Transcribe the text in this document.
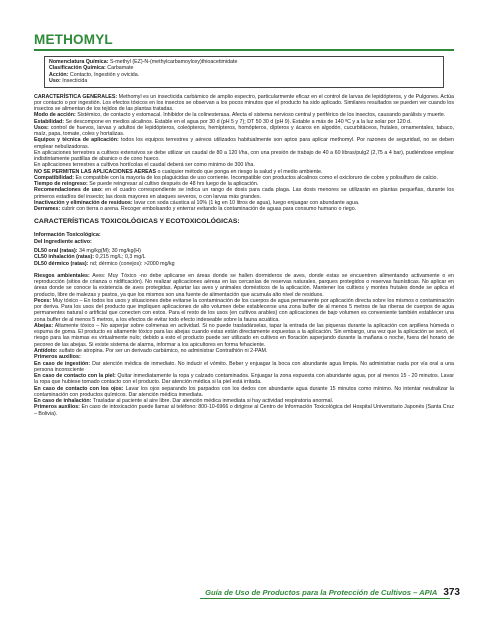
METHOMYL
Nomenclatura Química: S-methyl (EZ)-N-(methylcarbamoyloxy)thioacetimidate
Clasificación Química: Carbamate
Acción: Contacto, Ingestión y ovicida.
Uso: Insecticida

CARACTERÍSTICA GENERALES: Methomyl es un insecticida carbámico de amplio espectro, particularmente eficaz en el control de larvas de lepidópteros, y de Pulgones. Actúa por contacto o por ingestión. Los efectos tóxicos en los insectos se observan a los pocos minutos que el producto ha sido aplicado. Similares resultados se pueden ver cuando los insectos se alimentan de los tejidos de las plantas tratadas.

Modo de acción: Sistémico, de contacto y estomacal. Inhibidor de la colinesterasa. Afecta el sistema nervioso central y periférico de los insectos, causando parálisis y muerte.

Estabilidad: Se descompone en medios alcalinos. Estable en el agua por 30 d (pH 5 y 7); DT 50 30 d (pH 9). Estable a más de 140 ºC y a la luz solar por 120 d.

Usos: control de huevos, larvas y adultos de lepidópteros, coleópteros, hemípteros, homópteros, dípteros y ácaros en algodón, cucurbitáceos, frutales, ornamentales, tabaco, maíz, papa, tomate, coles y hortalizas.

Equipos y técnica de aplicación: todos los equipos terrestres y aéreos utilizados habitualmente son aptos para aplicar methomyl. Por razones de seguridad, no se deben emplear nebulizadoras.

En aplicaciones terrestres a cultivos extensivos se debe utilizar un caudal de 80 a 120 l/ha, con una presión de trabajo de 40 a 60 libras/pulg2 (2,75 a 4 bar), pudiéndose emplear indistintamente pastillas de abanico o de cono hueco.

En aplicaciones terrestres a cultivos hortícolas el caudal deberá ser como mínimo de 300 l/ha.

NO SE PERMITEN LAS APLICACIONES AEREAS o cualquier método que ponga en riesgo la salud y el medio ambiente.

Compatibilidad: Es compatible con la mayoría de los plaguicidas de uso corriente. Incompatible con productos alcalinos como el oxicloruro de cobre y polisulfuro de calcio.

Tiempo de reingreso: Se puede reingresar al cultivo después de 48 hrs luego de la aplicación.

Recomendaciones de uso: en el cuadro correspondiente se indica un rango de dosis para cada plaga. Las dosis menores se utilizarán en plantas pequeñas, durante los primeros estadíos del insecto; las dosis mayores en ataques severos, o con larvas más grandes.

Inactivación y eliminación de residuos: lavar con soda cáustica al 10% (1 kg en 10 litros de agua), luego enjuagar con abundante agua.

Derrames: cubrir con tierra o arena. Recoger embolsando y enterrar evitando la contaminación de aguas para consumo humano o riego.

CARACTERÍSTICAS TOXICOLÓGICAS Y ECOTOXICOLÓGICAS:

Información Toxicológica:

Del Ingrediente activo:

DL50 oral (ratas): 34 mg/kg(M); 30 mg/kg(H)

CL50 inhalación (ratas): 0,215 mg/L; 0,3 mg/L

DL50 dérmico (ratas): nd; dérmico (conejos): >2000 mg/kg

Riesgos ambientales: Aves: Muy Tóxico -no debe aplicarse en áreas donde se hallen dormideros de aves, donde estas se encuentren alimentando activamente o en reproducción (sitios de crianza o nidificación). No realizar aplicaciones aéreas en las cercanías de reservas naturales, parques protegidos o reservas faunísticas. No aplicar en áreas donde se conoce la existencia de aves protegidas. Apartar las aves y animales domésticos de la aplicación. Mantener los cultivos y montes frutales donde se aplica el producto, libre de malezas y pastos, ya que los mismos son una fuente de alimentación que acumula alto nivel de residuos.

Peces: Muy tóxico – En todos los usos y situaciones debe evitarse la contaminación de los cuerpos de agua permanente por aplicación directa sobre los mismos o contaminación por deriva. Para los usos del producto que impliquen aplicaciones de alto volumen debe establecerse una zona buffer de al menos 5 metros de las riberas de cuerpos de agua permanentes natural o artificial que conecten con estos. Para el resto de los usos (en cultivos arables) con aplicaciones de bajo volumen es conveniente también establecer una zona buffer de al menos 5 metros, a los efectos de evitar todo efecto indeseable sobre la fauna acuática.

Abejas: Altamente tóxico – No asperjar sobre colmenas en actividad. Si no puede trasladárselas, tapar la entrada de las piqueras durante la aplicación con arpillera húmeda o espuma de goma. El producto es altamente tóxico para las abejas cuando estas están directamente expuestas a la aplicación. Sin embargo, una vez que la aplicación se secó, el riesgo para las mismas es virtualmente nulo; debido a esto el producto puede ser utilizado en cultivos en floración asperjando durante la mañana o noche, fuera del horario de pecoreo de las abejas. Si existe sistema de alarma, informar a los apicultores en forma fehaciente.

Antídoto: sulfato de atropina. Por ser un derivado carbámico, no administrar Contrathión ni 2-PAM.

Primeros auxilios:

En caso de ingestión: Dar atención médica de inmediato. No inducir el vómito. Beber y enjuagar la boca con abundante agua limpia. No administrar nada por vía oral a una persona inconsciente

En caso de contacto con la piel: Quitar inmediatamente la ropa y calzado contaminados. Enjuagar la zona expuesta con abundante agua, por al menos 15 - 20 minutos. Lavar la ropa que hubiese tomado contacto con el producto. Dar atención médica si la piel está irritada.

En caso de contacto con los ojos: Lavar los ojos separando los parpados con los dedos con abundante agua durante 15 minutos como mínimo. No intentar neutralizar la contaminación con productos químicos. Dar atención médica inmediata.

En caso de inhalación: Trasladar al paciente al aire libre. Dar atención médica inmediata si hay actividad respiratoria anormal.

Primeros auxilios: En caso de intoxicación puede llamar al teléfono: 800-10-6966 o dirigirse al Centro de Información Toxicológica del Hospital Universitario Japonés (Santa Cruz – Bolivia).

Guía de Uso de Productos para la Protección de Cultivos – APIA 373
